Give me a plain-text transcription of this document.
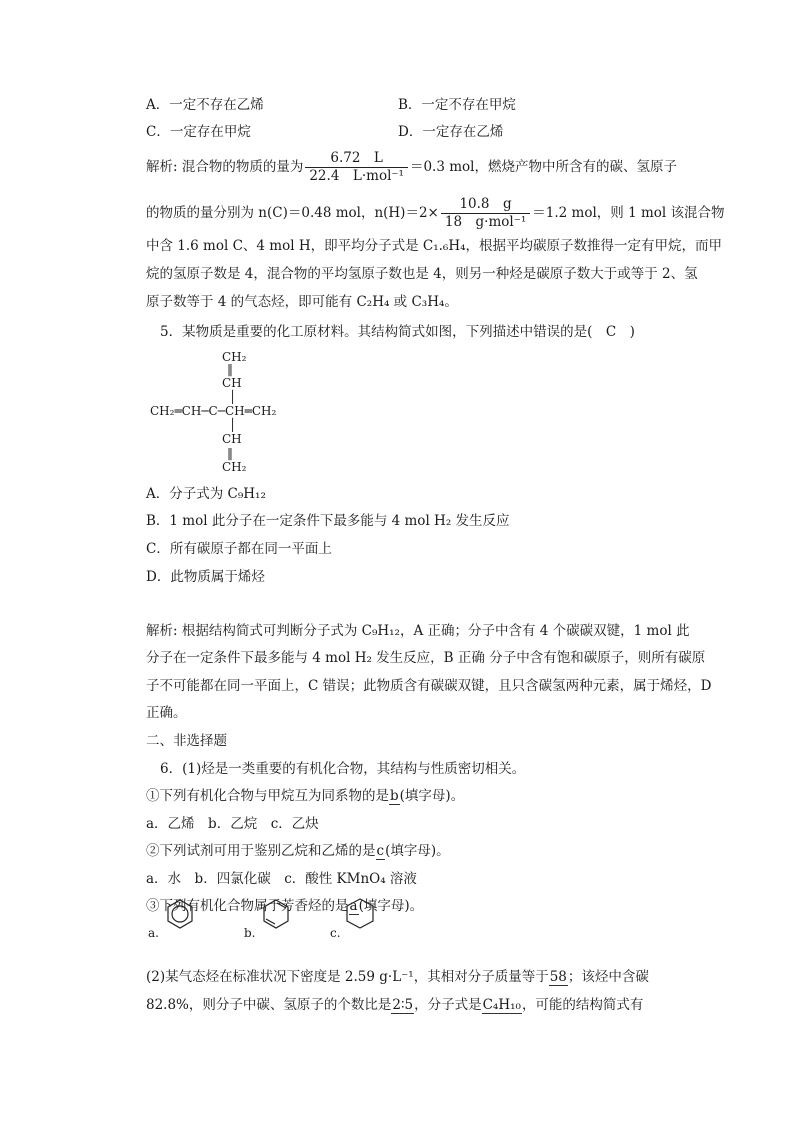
A．一定不存在乙烯	B．一定不存在甲烷
C．一定存在甲烷	D．一定存在乙烯
解析: 混合物的物质的量为 $\frac{6.72 L}{\text{22.4　L·mol⁻¹}} =0.3$ mol，燃烧产物中所含有的碳、氢原子
的物质的量分别为 n(C)＝0.48 mol，$n(H)=2\times \frac{10.8 g}{\text{18　g·mol⁻¹}} =1.2$ mol，则 1 mol 该混合物
中含 1.6 mol C、4 mol H，即平均分子式是 C₁.₆H₄，根据平均碳原子数推得一定有甲烷，而甲
烷的氢原子数是 4，混合物的平均氢原子数也是 4，则另一种烃是碳原子数大于或等于 2、氢
原子数等于 4 的气态烃，即可能有 C₂H₄ 或 C₃H₄。
5．某物质是重要的化工原材料。其结构简式如图，下列描述中错误的是(　C　)
CH₂
‖
CH
│
CH₂═CH─C─CH═CH₂
│
CH
‖
CH₂
A．分子式为 C₉H₁₂
B．1 mol 此分子在一定条件下最多能与 4 mol H₂ 发生反应
C．所有碳原子都在同一平面上
D．此物质属于烯烃
解析: 根据结构简式可判断分子式为 C₉H₁₂，A 正确；分子中含有 4 个碳碳双键，1 mol 此
分子在一定条件下最多能与 4 mol H₂ 发生反应，B 正确 分子中含有饱和碳原子，则所有碳原
子不可能都在同一平面上，C 错误；此物质含有碳碳双键，且只含碳氢两种元素，属于烯烃，D
正确。
二、非选择题
6．(1)烃是一类重要的有机化合物，其结构与性质密切相关。
①下列有机化合物与甲烷互为同系物的是b(填字母)。
a．乙烯　b．乙烷　c．乙炔
②下列试剂可用于鉴别乙烷和乙烯的是c(填字母)。
a．水　b．四氯化碳　c．酸性 KMnO₄ 溶液
③下列有机化合物属于芳香烃的是a(填字母)。
a.	b.	c.
(2)某气态烃在标准状况下密度是 2.59 g·L⁻¹，其相对分子质量等于58；该烃中含碳
82.8%，则分子中碳、氢原子的个数比是2∶5，分子式是C₄H₁₀，可能的结构简式有
